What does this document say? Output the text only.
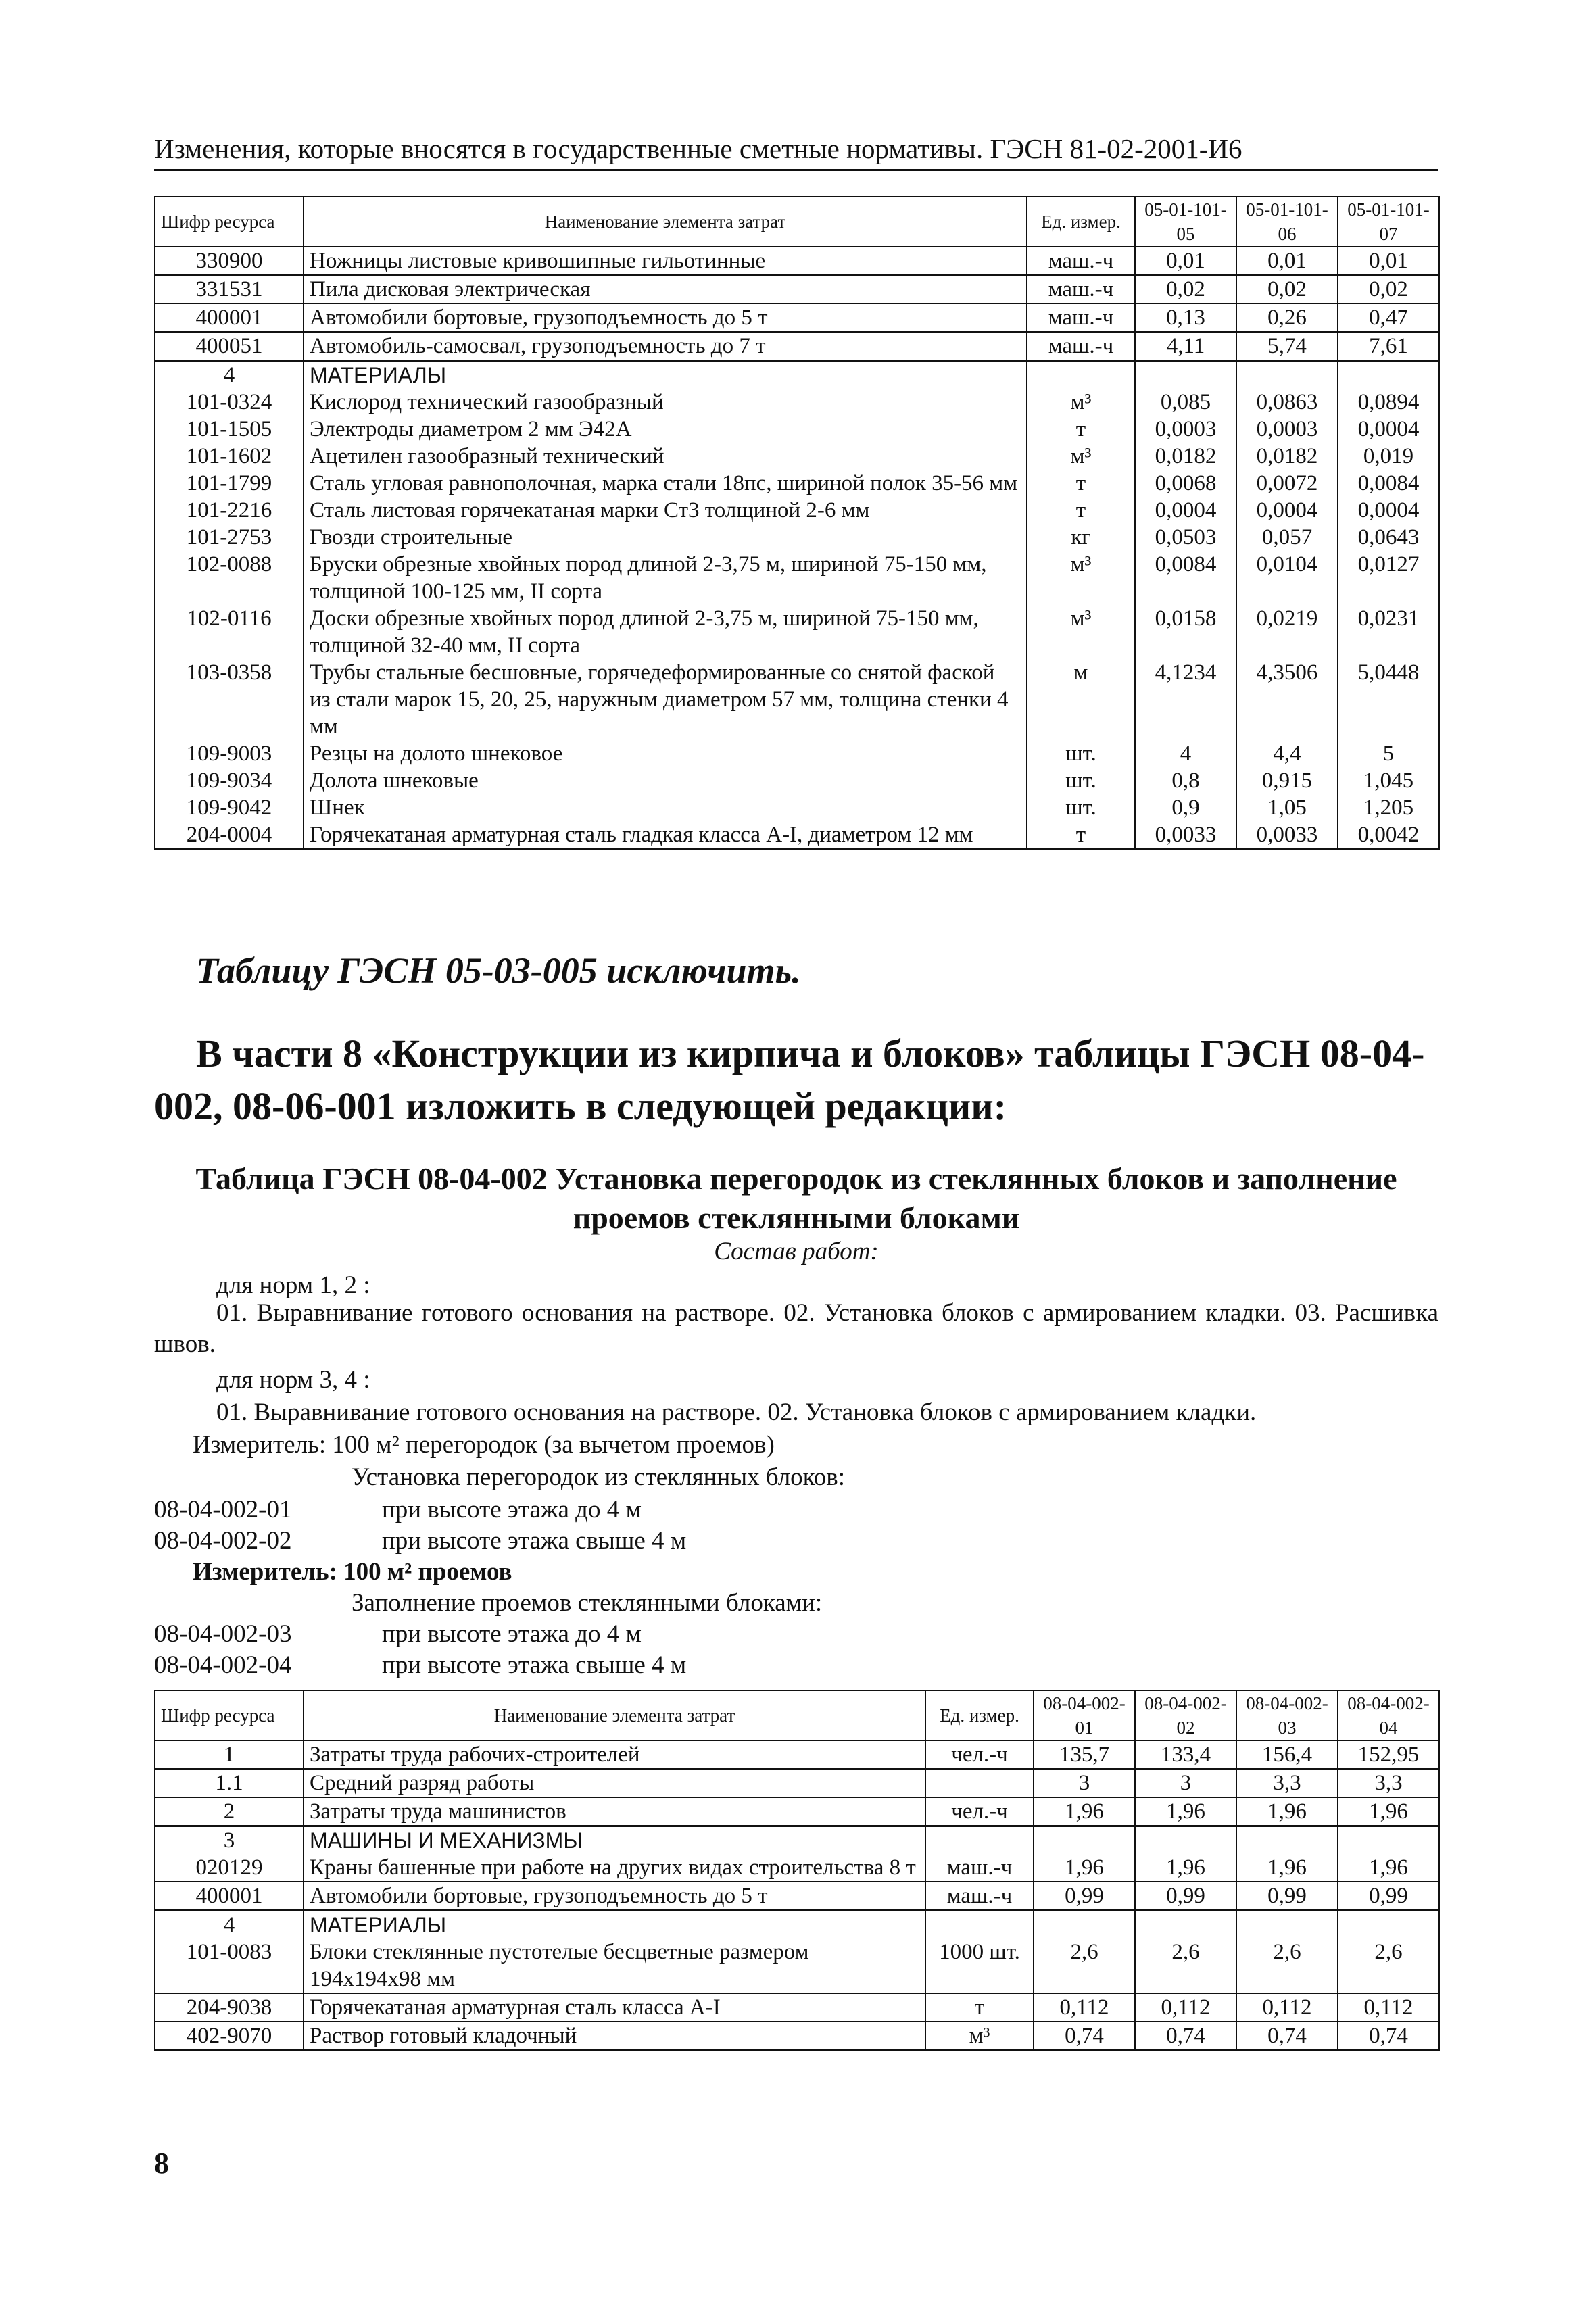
Изменения, которые вносятся в государственные сметные нормативы. ГЭСН 81-02-2001-И6
Шифр ресурса	Наименование элемента затрат	Ед. измер.	05-01-101-05	05-01-101-06	05-01-101-07
330900	Ножницы листовые кривошипные гильотинные	маш.-ч	0,01	0,01	0,01
331531	Пила дисковая электрическая	маш.-ч	0,02	0,02	0,02
400001	Автомобили бортовые, грузоподъемность до 5 т	маш.-ч	0,13	0,26	0,47
400051	Автомобиль-самосвал, грузоподъемность до 7 т	маш.-ч	4,11	5,74	7,61
4	МАТЕРИАЛЫ				
101-0324	Кислород технический газообразный	м³	0,085	0,0863	0,0894
101-1505	Электроды диаметром 2 мм Э42А	т	0,0003	0,0003	0,0004
101-1602	Ацетилен газообразный технический	м³	0,0182	0,0182	0,019
101-1799	Сталь угловая равнополочная, марка стали 18пс, шириной полок 35-56 мм	т	0,0068	0,0072	0,0084
101-2216	Сталь листовая горячекатаная марки Ст3 толщиной 2-6 мм	т	0,0004	0,0004	0,0004
101-2753	Гвозди строительные	кг	0,0503	0,057	0,0643
102-0088	Бруски обрезные хвойных пород длиной 2-3,75 м, шириной 75-150 мм, толщиной 100-125 мм, II сорта	м³	0,0084	0,0104	0,0127
102-0116	Доски обрезные хвойных пород длиной 2-3,75 м, шириной 75-150 мм, толщиной 32-40 мм, II сорта	м³	0,0158	0,0219	0,0231
103-0358	Трубы стальные бесшовные, горячедеформированные со снятой фаской из стали марок 15, 20, 25, наружным диаметром 57 мм, толщина стенки 4 мм	м	4,1234	4,3506	5,0448
109-9003	Резцы на долото шнековое	шт.	4	4,4	5
109-9034	Долота шнековые	шт.	0,8	0,915	1,045
109-9042	Шнек	шт.	0,9	1,05	1,205
204-0004	Горячекатаная арматурная сталь гладкая класса А-I, диаметром 12 мм	т	0,0033	0,0033	0,0042
Таблицу ГЭСН 05-03-005 исключить.
В части 8 «Конструкции из кирпича и блоков» таблицы ГЭСН 08-04-002, 08-06-001 изложить в следующей редакции:
Таблица ГЭСН 08-04-002 Установка перегородок из стеклянных блоков и заполнение проемов стеклянными блоками
Состав работ:
для норм 1, 2 :
01. Выравнивание готового основания на растворе. 02. Установка блоков с армированием кладки. 03. Расшивка швов.
для норм 3, 4 :
01. Выравнивание готового основания на растворе. 02. Установка блоков с армированием кладки.
Измеритель: 100 м² перегородок (за вычетом проемов)
Установка перегородок из стеклянных блоков:
08-04-002-01	при высоте этажа до 4 м
08-04-002-02	при высоте этажа свыше 4 м
Измеритель: 100 м² проемов
Заполнение проемов стеклянными блоками:
08-04-002-03	при высоте этажа до 4 м
08-04-002-04	при высоте этажа свыше 4 м
Шифр ресурса	Наименование элемента затрат	Ед. измер.	08-04-002-01	08-04-002-02	08-04-002-03	08-04-002-04
1	Затраты труда рабочих-строителей	чел.-ч	135,7	133,4	156,4	152,95
1.1	Средний разряд работы		3	3	3,3	3,3
2	Затраты труда машинистов	чел.-ч	1,96	1,96	1,96	1,96
3	МАШИНЫ И МЕХАНИЗМЫ					
020129	Краны башенные при работе на других видах строительства 8 т	маш.-ч	1,96	1,96	1,96	1,96
400001	Автомобили бортовые, грузоподъемность до 5 т	маш.-ч	0,99	0,99	0,99	0,99
4	МАТЕРИАЛЫ					
101-0083	Блоки стеклянные пустотелые бесцветные размером 194x194x98 мм	1000 шт.	2,6	2,6	2,6	2,6
204-9038	Горячекатаная арматурная сталь класса А-I	т	0,112	0,112	0,112	0,112
402-9070	Раствор готовый кладочный	м³	0,74	0,74	0,74	0,74
8
